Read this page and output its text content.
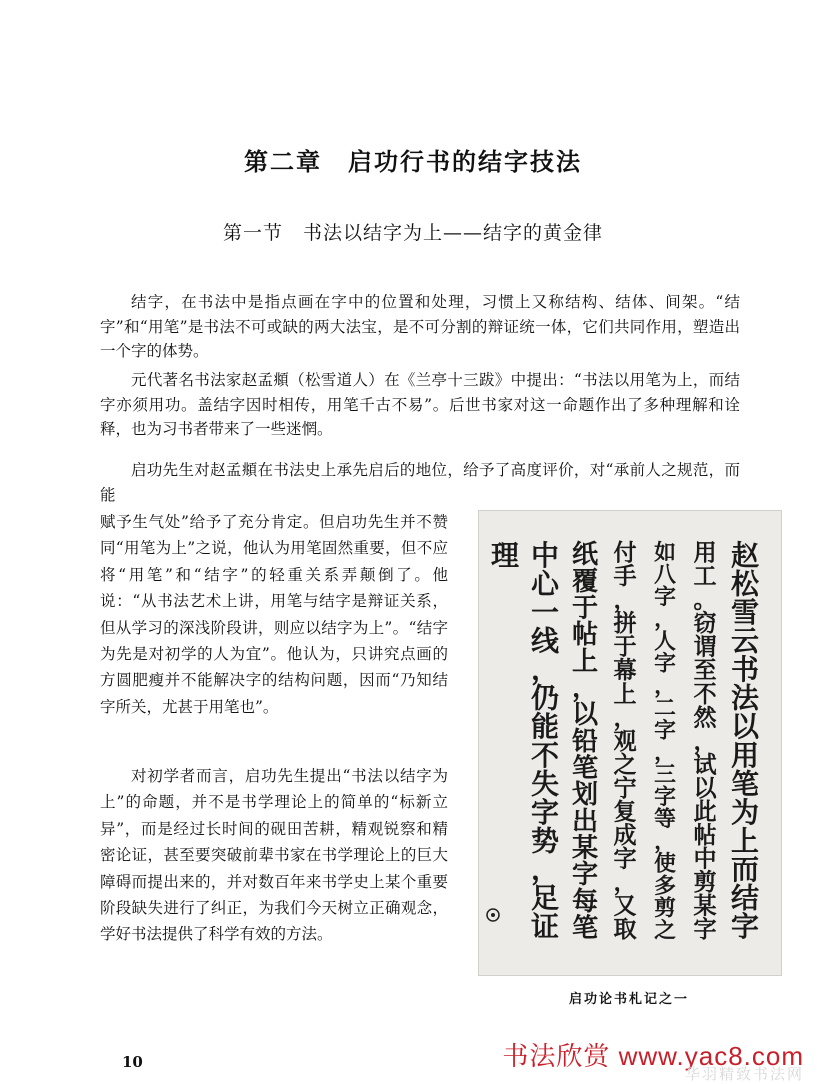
第二章　启功行书的结字技法
第一节　书法以结字为上——结字的黄金律
结字，在书法中是指点画在字中的位置和处理，习惯上又称结构、结体、间架。“结字”和“用笔”是书法不可或缺的两大法宝，是不可分割的辩证统一体，它们共同作用，塑造出一个字的体势。
元代著名书法家赵孟頫（松雪道人）在《兰亭十三跋》中提出：“书法以用笔为上，而结字亦须用功。盖结字因时相传，用笔千古不易”。后世书家对这一命题作出了多种理解和诠释，也为习书者带来了一些迷惘。
启功先生对赵孟頫在书法史上承先启后的地位，给予了高度评价，对“承前人之规范，而能
赋予生气处”给予了充分肯定。但启功先生并不赞同“用笔为上”之说，他认为用笔固然重要，但不应将“用笔”和“结字”的轻重关系弄颠倒了。他说：“从书法艺术上讲，用笔与结字是辩证关系，但从学习的深浅阶段讲，则应以结字为上”。“结字为先是对初学的人为宜”。他认为，只讲究点画的方圆肥瘦并不能解决字的结构问题，因而“乃知结字所关，尤甚于用笔也”。
对初学者而言，启功先生提出“书法以结字为上”的命题，并不是书学理论上的简单的“标新立异”，而是经过长时间的砚田苦耕，精观锐察和精密论证，甚至要突破前辈书家在书学理论上的巨大障碍而提出来的，并对数百年来书学史上某个重要阶段缺失进行了纠正，为我们今天树立正确观念，学好书法提供了科学有效的方法。
赵松雪云书法以用笔为上而结字
用工。窃谓至不然，试以此帖中剪某字
如八字，人字，二字，三字等，使多剪之
付手，拼于幕上，观之宁复成字，又取
纸覆于帖上，以铅笔划出某字每笔
中心一线，仍能不失字势，足证
理
启功论书札记之一
10	书法欣赏 www.yac8.com
华羽精致书法网
